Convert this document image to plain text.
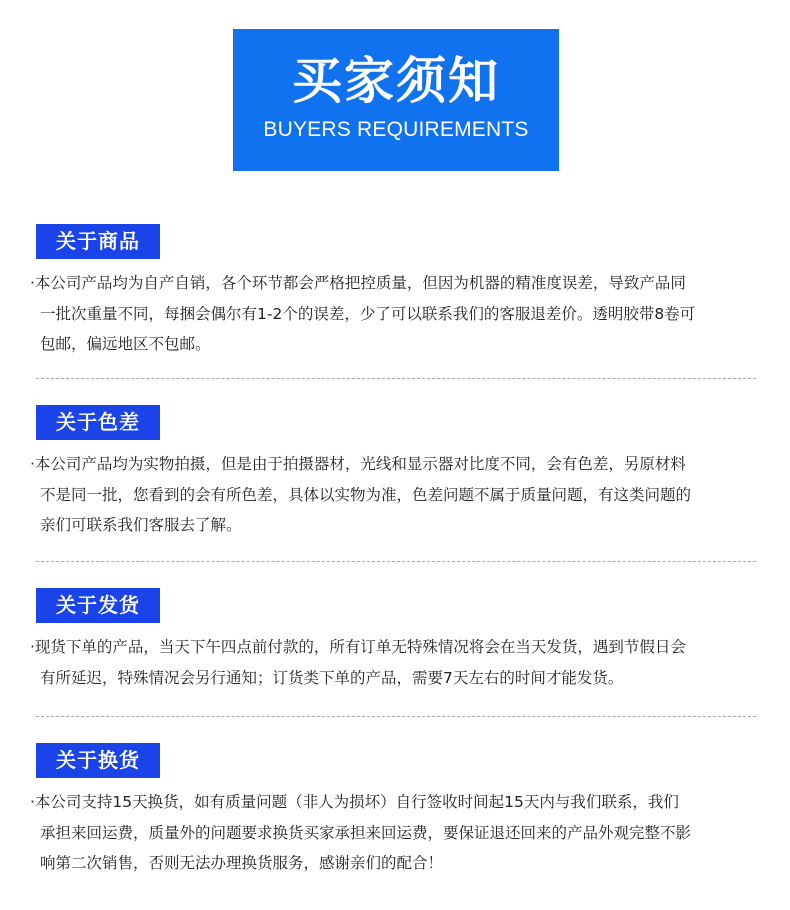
买家须知
BUYERS REQUIREMENTS
关于商品
·本公司产品均为自产自销，各个环节都会严格把控质量，但因为机器的精准度误差，导致产品同
一批次重量不同，每捆会偶尔有1-2个的误差，少了可以联系我们的客服退差价。透明胶带8卷可
包邮，偏远地区不包邮。
关于色差
·本公司产品均为实物拍摄，但是由于拍摄器材，光线和显示器对比度不同，会有色差，另原材料
不是同一批，您看到的会有所色差，具体以实物为准，色差问题不属于质量问题，有这类问题的
亲们可联系我们客服去了解。
关于发货
·现货下单的产品，当天下午四点前付款的，所有订单无特殊情况将会在当天发货，遇到节假日会
有所延迟，特殊情况会另行通知；订货类下单的产品，需要7天左右的时间才能发货。
关于换货
·本公司支持15天换货，如有质量问题（非人为损坏）自行签收时间起15天内与我们联系，我们
承担来回运费，质量外的问题要求换货买家承担来回运费，要保证退还回来的产品外观完整不影
响第二次销售，否则无法办理换货服务，感谢亲们的配合！
